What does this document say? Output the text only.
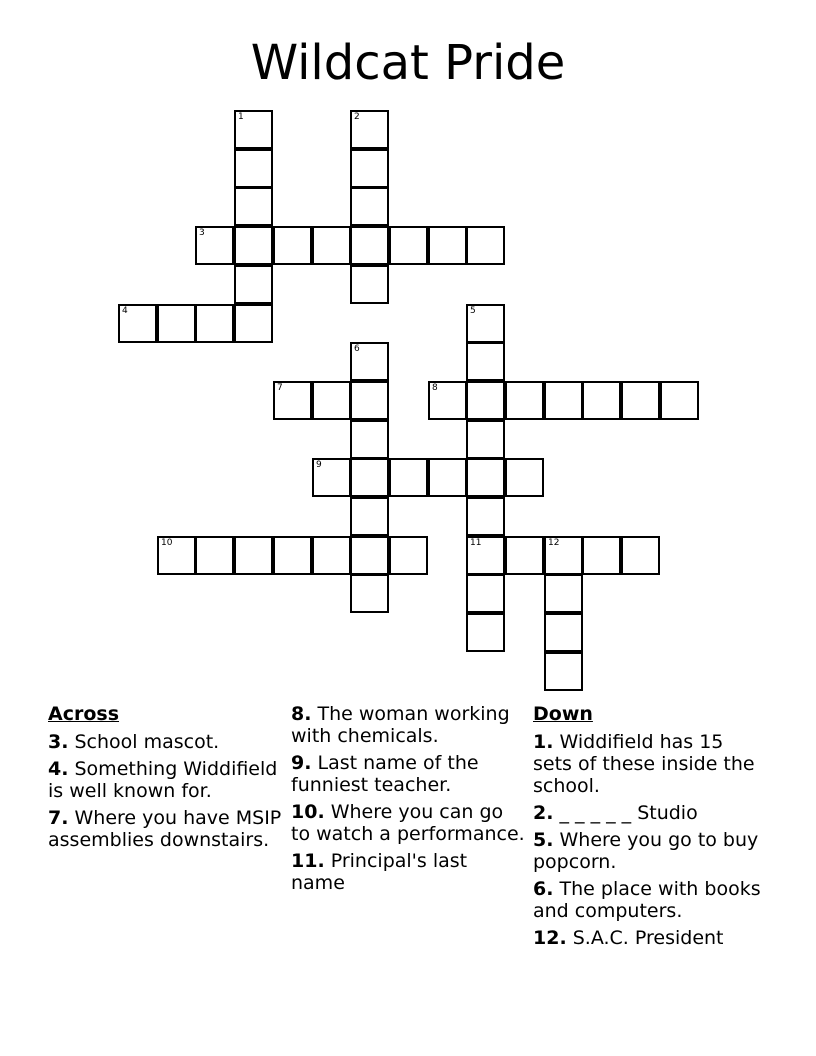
Wildcat Pride
1	2
3
4	5
11
6
7	8
9
10	12
Across
3. School mascot.
4. Something Widdifield is well known for.
7. Where you have MSIP assemblies downstairs.
8. The woman working with chemicals.
9. Last name of the funniest teacher.
10. Where you can go to watch a performance.
11. Principal's last name
Down
1. Widdifield has 15 sets of these inside the school.
2. _ _ _ _ _ Studio
5. Where you go to buy popcorn.
6. The place with books and computers.
12. S.A.C. President
